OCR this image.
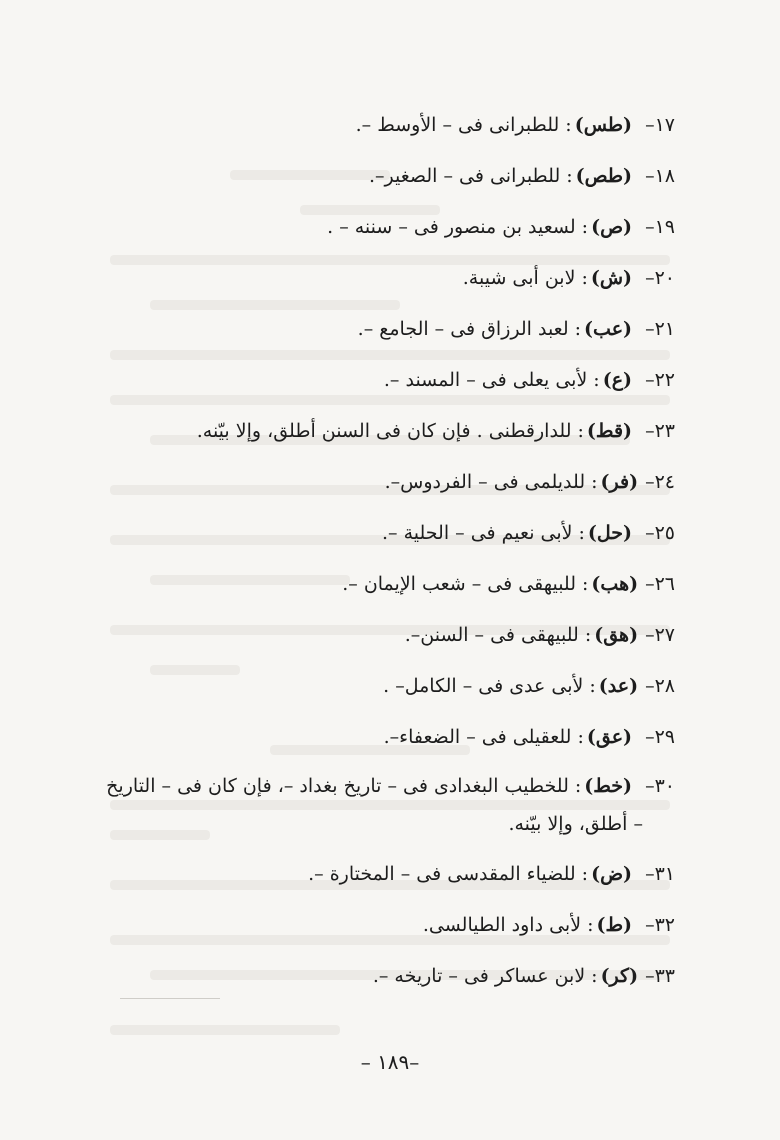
١٧– (طس):للطبرانى فى – الأوسط –.
١٨– (طص):للطبرانى فى – الصغير–.
١٩– (ص):لسعيد بن منصور فى – سننه – .
٢٠– (ش):لابن أبى شيبة.
٢١– (عب):لعبد الرزاق فى – الجامع –.
٢٢– (ع):لأبى يعلى فى – المسند –.
٢٣– (قط):للدارقطنى . فإن كان فى السنن أطلق، وإلا بيّنه.
٢٤–(فر):للديلمى فى – الفردوس–.
٢٥– (حل):لأبى نعيم فى – الحلية –.
٢٦–(هب):للبيهقى فى – شعب الإيمان –.
٢٧–(هق):للبيهقى فى – السنن–.
٢٨–(عد):لأبى عدى فى – الكامل– .
٢٩– (عق):للعقيلى فى – الضعفاء–.
٣٠– (خط):للخطيب البغدادى فى – تاريخ بغداد –، فإن كان فى – التاريخ
– أطلق، وإلا بيّنه.
٣١– (ض):للضياء المقدسى فى – المختارة –.
٣٢– (ط):لأبى داود الطيالسى.
٣٣–(كر):لابن عساكر فى – تاريخه –.
–١٨٩ –
